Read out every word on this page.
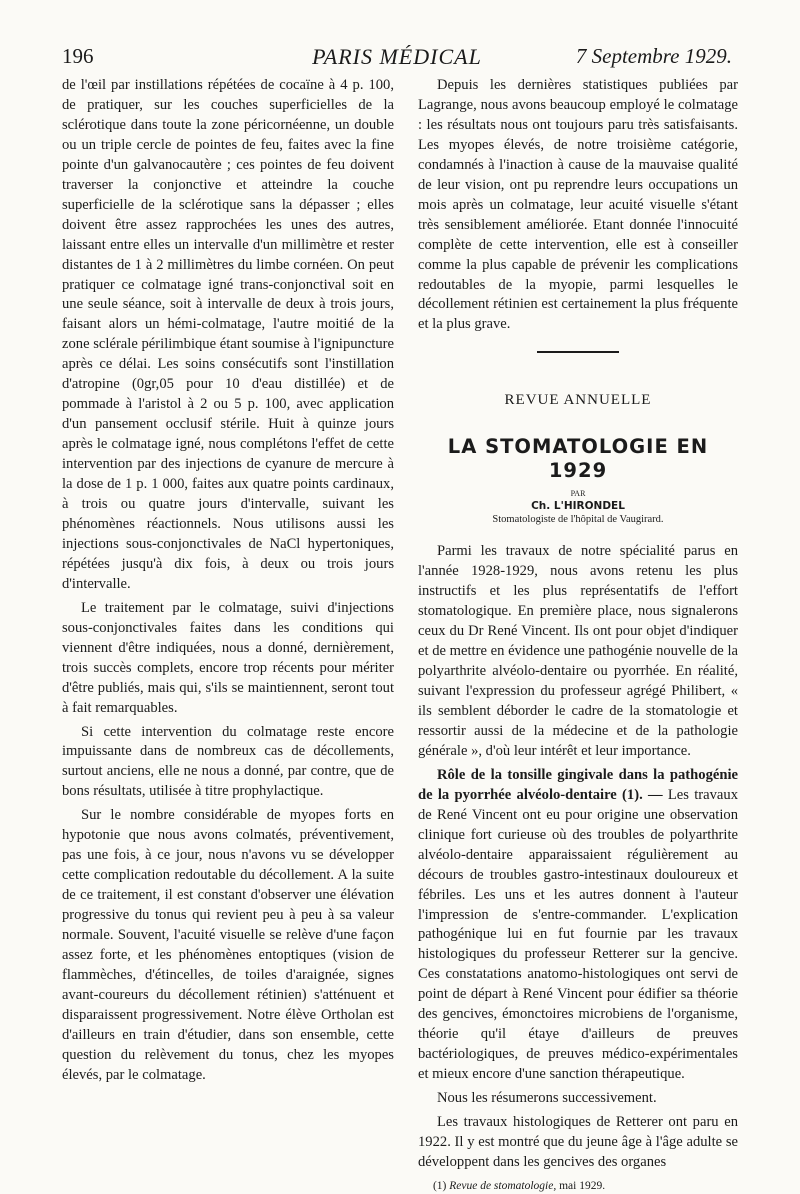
196	PARIS MÉDICAL	7 Septembre 1929.

de l'œil par instillations répétées de cocaïne à 4 p. 100, de pratiquer, sur les couches superficielles de la sclérotique dans toute la zone péricornéenne, un double ou un triple cercle de pointes de feu, faites avec la fine pointe d'un galvanocautère ; ces pointes de feu doivent traverser la conjonctive et atteindre la couche superficielle de la sclérotique sans la dépasser ; elles doivent être assez rapprochées les unes des autres, laissant entre elles un intervalle d'un millimètre et rester distantes de 1 à 2 millimètres du limbe cornéen. On peut pratiquer ce colmatage igné trans-conjonctival soit en une seule séance, soit à intervalle de deux à trois jours, faisant alors un hémi-colmatage, l'autre moitié de la zone sclérale périlimbique étant soumise à l'ignipuncture après ce délai. Les soins consécutifs sont l'instillation d'atropine (0gr,05 pour 10 d'eau distillée) et de pommade à l'aristol à 2 ou 5 p. 100, avec application d'un pansement occlusif stérile. Huit à quinze jours après le colmatage igné, nous complétons l'effet de cette intervention par des injections de cyanure de mercure à la dose de 1 p. 1 000, faites aux quatre points cardinaux, à trois ou quatre jours d'intervalle, suivant les phénomènes réactionnels. Nous utilisons aussi les injections sous-conjonctivales de NaCl hypertoniques, répétées jusqu'à dix fois, à deux ou trois jours d'intervalle.

Le traitement par le colmatage, suivi d'injections sous-conjonctivales faites dans les conditions qui viennent d'être indiquées, nous a donné, dernièrement, trois succès complets, encore trop récents pour mériter d'être publiés, mais qui, s'ils se maintiennent, seront tout à fait remarquables.

Si cette intervention du colmatage reste encore impuissante dans de nombreux cas de décollements, surtout anciens, elle ne nous a donné, par contre, que de bons résultats, utilisée à titre prophylactique.

Sur le nombre considérable de myopes forts en hypotonie que nous avons colmatés, préventivement, pas une fois, à ce jour, nous n'avons vu se développer cette complication redoutable du décollement. A la suite de ce traitement, il est constant d'observer une élévation progressive du tonus qui revient peu à peu à sa valeur normale. Souvent, l'acuité visuelle se relève d'une façon assez forte, et les phénomènes entoptiques (vision de flammèches, d'étincelles, de toiles d'araignée, signes avant-coureurs du décollement rétinien) s'atténuent et disparaissent progressivement. Notre élève Ortholan est d'ailleurs en train d'étudier, dans son ensemble, cette question du relèvement du tonus, chez les myopes élevés, par le colmatage.

Depuis les dernières statistiques publiées par Lagrange, nous avons beaucoup employé le colmatage : les résultats nous ont toujours paru très satisfaisants. Les myopes élevés, de notre troisième catégorie, condamnés à l'inaction à cause de la mauvaise qualité de leur vision, ont pu reprendre leurs occupations un mois après un colmatage, leur acuité visuelle s'étant très sensiblement améliorée. Etant donnée l'innocuité complète de cette intervention, elle est à conseiller comme la plus capable de prévenir les complications redoutables de la myopie, parmi lesquelles le décollement rétinien est certainement la plus fréquente et la plus grave.

REVUE ANNUELLE
LA STOMATOLOGIE EN 1929
PAR
Ch. L'HIRONDEL
Stomatologiste de l'hôpital de Vaugirard.

Parmi les travaux de notre spécialité parus en l'année 1928-1929, nous avons retenu les plus instructifs et les plus représentatifs de l'effort stomatologique. En première place, nous signalerons ceux du Dr René Vincent. Ils ont pour objet d'indiquer et de mettre en évidence une pathogénie nouvelle de la polyarthrite alvéolo-dentaire ou pyorrhée. En réalité, suivant l'expression du professeur agrégé Philibert, « ils semblent déborder le cadre de la stomatologie et ressortir aussi de la médecine et de la pathologie générale », d'où leur intérêt et leur importance.

Rôle de la tonsille gingivale dans la pathogénie de la pyorrhée alvéolo-dentaire (1). — Les travaux de René Vincent ont eu pour origine une observation clinique fort curieuse où des troubles de polyarthrite alvéolo-dentaire apparaissaient régulièrement au décours de troubles gastro-intestinaux douloureux et fébriles. Les uns et les autres donnent à l'auteur l'impression de s'entre-commander. L'explication pathogénique lui en fut fournie par les travaux histologiques du professeur Retterer sur la gencive. Ces constatations anatomo-histologiques ont servi de point de départ à René Vincent pour édifier sa théorie des gencives, émonctoires microbiens de l'organisme, théorie qu'il étaye d'ailleurs de preuves bactériologiques, de preuves médico-expérimentales et mieux encore d'une sanction thérapeutique.

Nous les résumerons successivement.

Les travaux histologiques de Retterer ont paru en 1922. Il y est montré que du jeune âge à l'âge adulte se développent dans les gencives des organes

(1) Revue de stomatologie, mai 1929.
